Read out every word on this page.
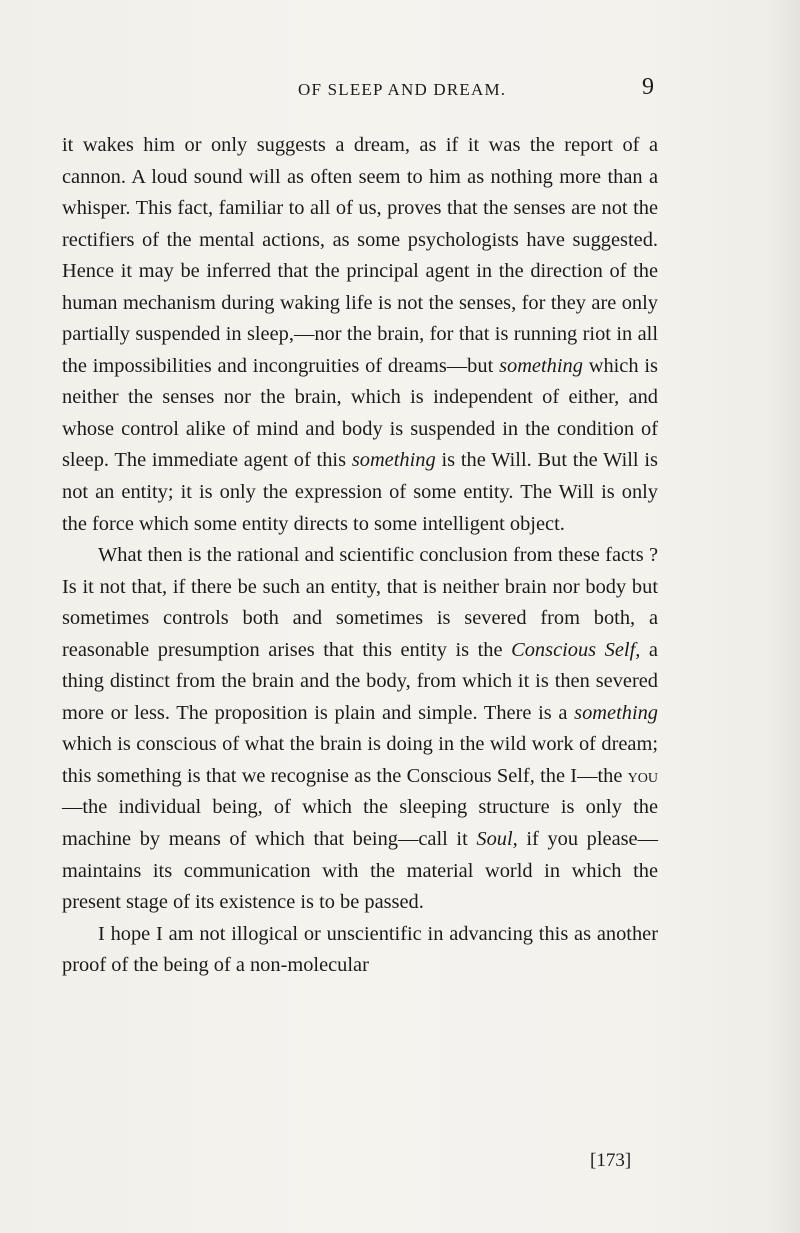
OF SLEEP AND DREAM.	9

it wakes him or only suggests a dream, as if it was the report of a cannon. A loud sound will as often seem to him as nothing more than a whisper. This fact, familiar to all of us, proves that the senses are not the rectifiers of the mental actions, as some psychologists have suggested. Hence it may be inferred that the principal agent in the direction of the human mechanism during waking life is not the senses, for they are only partially suspended in sleep,—nor the brain, for that is running riot in all the impossibilities and incongruities of dreams—but something which is neither the senses nor the brain, which is independent of either, and whose control alike of mind and body is suspended in the condition of sleep. The immediate agent of this something is the Will. But the Will is not an entity; it is only the expression of some entity. The Will is only the force which some entity directs to some intelligent object.

What then is the rational and scientific conclusion from these facts ? Is it not that, if there be such an entity, that is neither brain nor body but sometimes controls both and sometimes is severed from both, a reasonable presumption arises that this entity is the Conscious Self, a thing distinct from the brain and the body, from which it is then severed more or less. The proposition is plain and simple. There is a something which is conscious of what the brain is doing in the wild work of dream; this something is that we recognise as the Conscious Self, the I—the you—the individual being, of which the sleeping structure is only the machine by means of which that being—call it Soul, if you please—maintains its communication with the material world in which the present stage of its existence is to be passed.

I hope I am not illogical or unscientific in advancing this as another proof of the being of a non-molecular

[173]
